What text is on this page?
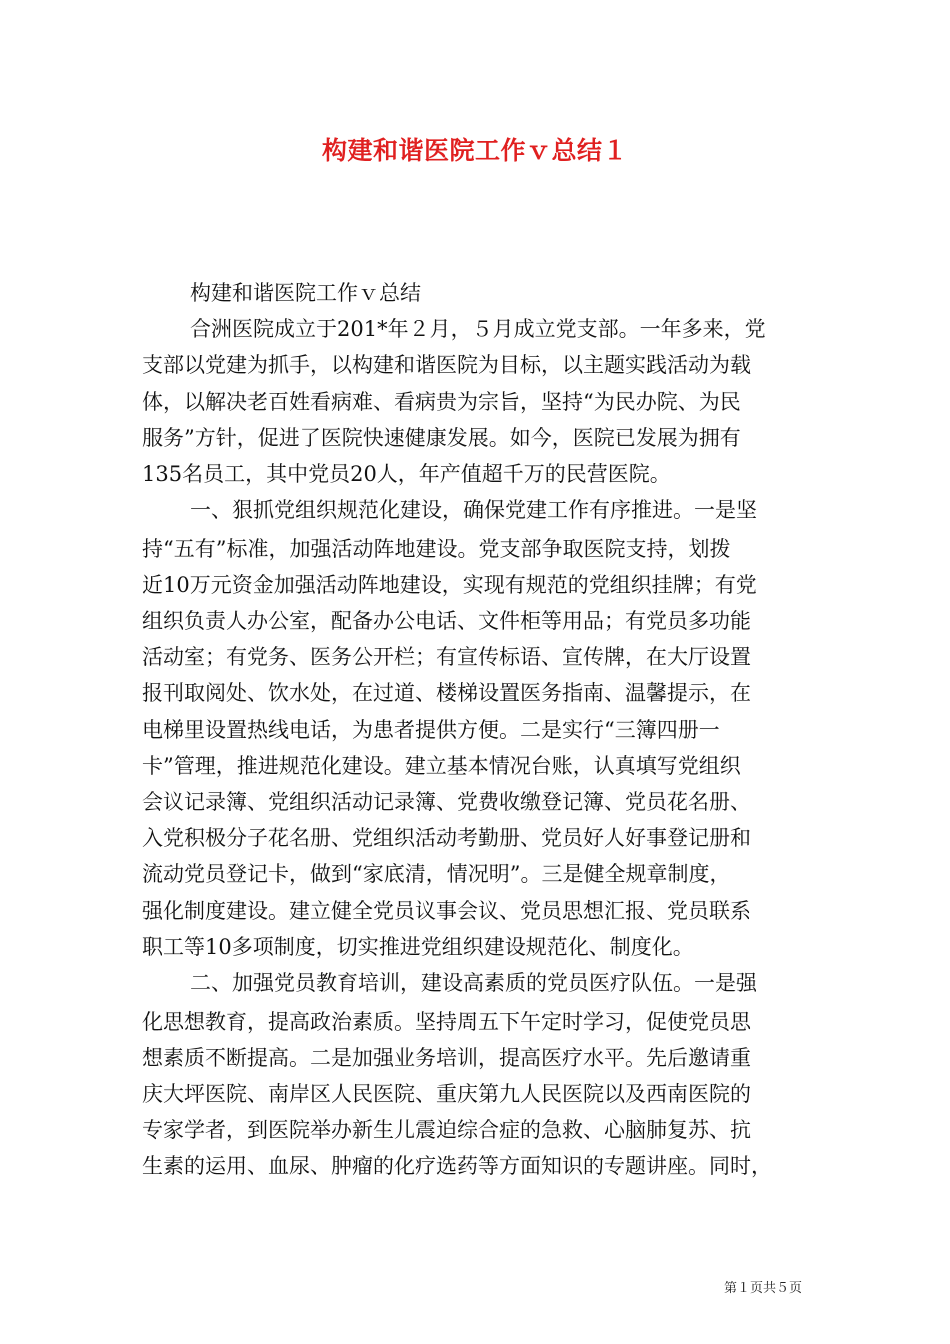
构建和谐医院工作ｖ总结１
构建和谐医院工作ｖ总结
合洲医院成立于201*年２月，５月成立党支部。一年多来，党
支部以党建为抓手，以构建和谐医院为目标，以主题实践活动为载
体，以解决老百姓看病难、看病贵为宗旨，坚持“为民办院、为民
服务”方针，促进了医院快速健康发展。如今，医院已发展为拥有
135名员工，其中党员20人，年产值超千万的民营医院。
一、狠抓党组织规范化建设，确保党建工作有序推进。一是坚
持“五有”标准，加强活动阵地建设。党支部争取医院支持，划拨
近10万元资金加强活动阵地建设，实现有规范的党组织挂牌；有党
组织负责人办公室，配备办公电话、文件柜等用品；有党员多功能
活动室；有党务、医务公开栏；有宣传标语、宣传牌，在大厅设置
报刊取阅处、饮水处，在过道、楼梯设置医务指南、温馨提示，在
电梯里设置热线电话，为患者提供方便。二是实行“三簿四册一
卡”管理，推进规范化建设。建立基本情况台账，认真填写党组织
会议记录簿、党组织活动记录簿、党费收缴登记簿、党员花名册、
入党积极分子花名册、党组织活动考勤册、党员好人好事登记册和
流动党员登记卡，做到“家底清，情况明”。三是健全规章制度，
强化制度建设。建立健全党员议事会议、党员思想汇报、党员联系
职工等10多项制度，切实推进党组织建设规范化、制度化。
二、加强党员教育培训，建设高素质的党员医疗队伍。一是强
化思想教育，提高政治素质。坚持周五下午定时学习，促使党员思
想素质不断提高。二是加强业务培训，提高医疗水平。先后邀请重
庆大坪医院、南岸区人民医院、重庆第九人民医院以及西南医院的
专家学者，到医院举办新生儿震迫综合症的急救、心脑肺复苏、抗
生素的运用、血尿、肿瘤的化疗选药等方面知识的专题讲座。同时，
第１页共５页
